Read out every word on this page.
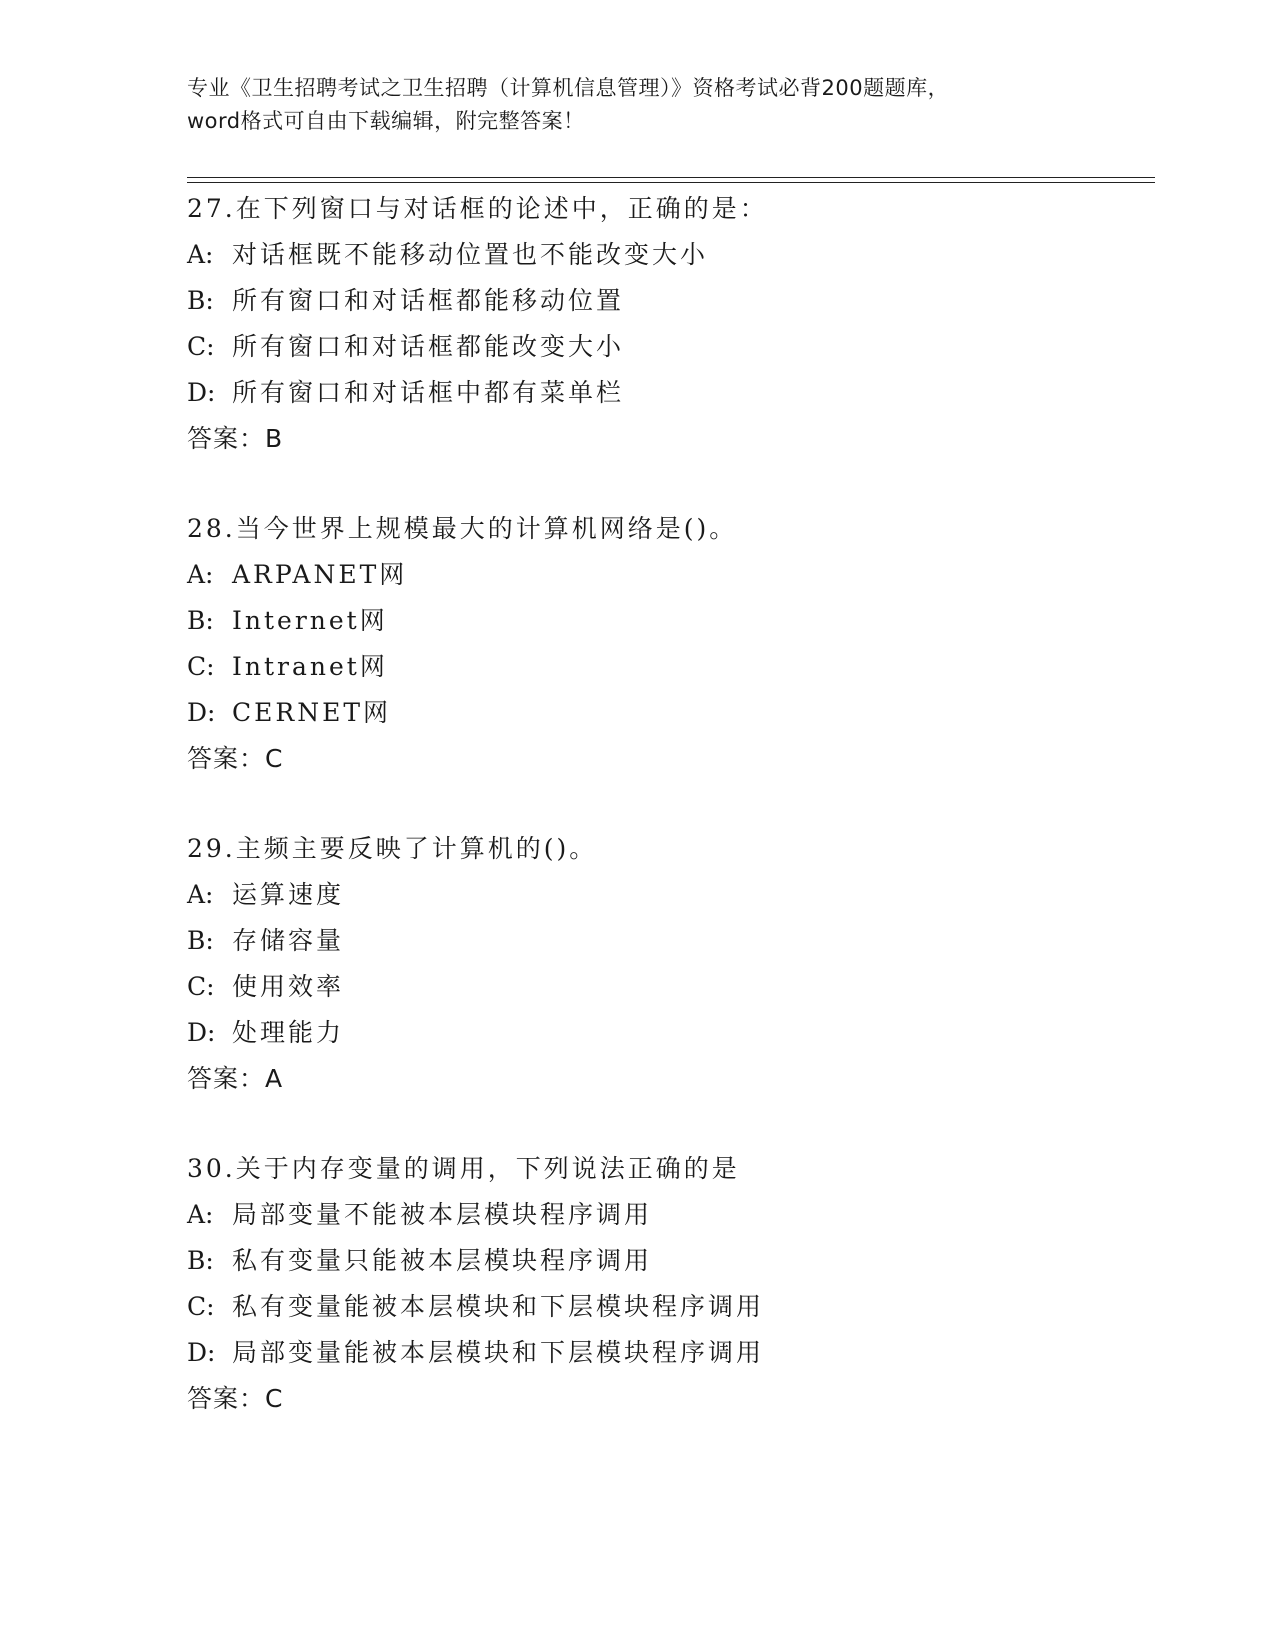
专业《卫生招聘考试之卫生招聘（计算机信息管理）》资格考试必背200题题库，
word格式可自由下载编辑，附完整答案！
27.在下列窗口与对话框的论述中，正确的是：
A: 对话框既不能移动位置也不能改变大小
B: 所有窗口和对话框都能移动位置
C: 所有窗口和对话框都能改变大小
D: 所有窗口和对话框中都有菜单栏
答案：B
28.当今世界上规模最大的计算机网络是()。
A: ARPANET网
B: Internet网
C: Intranet网
D: CERNET网
答案：C
29.主频主要反映了计算机的()。
A: 运算速度
B: 存储容量
C: 使用效率
D: 处理能力
答案：A
30.关于内存变量的调用，下列说法正确的是
A: 局部变量不能被本层模块程序调用
B: 私有变量只能被本层模块程序调用
C: 私有变量能被本层模块和下层模块程序调用
D: 局部变量能被本层模块和下层模块程序调用
答案：C
